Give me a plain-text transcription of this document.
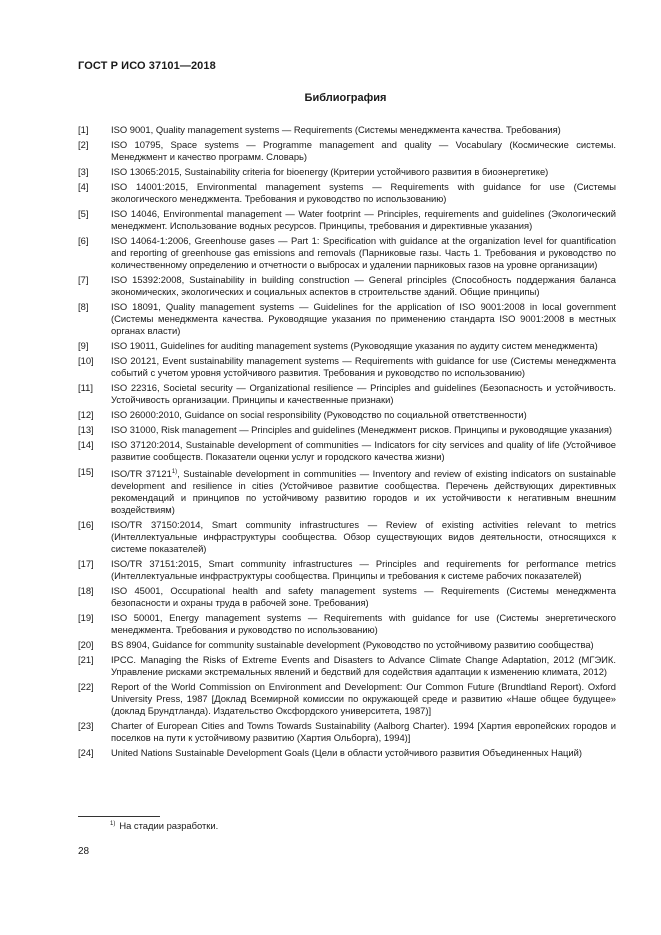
ГОСТ Р ИСО 37101—2018
Библиография
[1]	ISO 9001, Quality management systems — Requirements (Системы менеджмента качества. Требования)
[2]	ISO 10795, Space systems — Programme management and quality — Vocabulary (Космические системы. Менеджмент и качество программ. Словарь)
[3]	ISO 13065:2015, Sustainability criteria for bioenergy (Критерии устойчивого развития в биоэнергетике)
[4]	ISO 14001:2015, Environmental management systems — Requirements with guidance for use (Системы экологического менеджмента. Требования и руководство по использованию)
[5]	ISO 14046, Environmental management — Water footprint — Principles, requirements and guidelines (Экологический менеджмент. Использование водных ресурсов. Принципы, требования и директивные указания)
[6]	ISO 14064-1:2006, Greenhouse gases — Part 1: Specification with guidance at the organization level for quantification and reporting of greenhouse gas emissions and removals (Парниковые газы. Часть 1. Требования и руководство по количественному определению и отчетности о выбросах и удалении парниковых газов на уровне организации)
[7]	ISO 15392:2008, Sustainability in building construction — General principles (Способность поддержания баланса экономических, экологических и социальных аспектов в строительстве зданий. Общие принципы)
[8]	ISO 18091, Quality management systems — Guidelines for the application of ISO 9001:2008 in local government (Системы менеджмента качества. Руководящие указания по применению стандарта ISO 9001:2008 в местных органах власти)
[9]	ISO 19011, Guidelines for auditing management systems (Руководящие указания по аудиту систем менеджмента)
[10]	ISO 20121, Event sustainability management systems — Requirements with guidance for use (Системы менеджмента событий с учетом уровня устойчивого развития. Требования и руководство по использованию)
[11]	ISO 22316, Societal security — Organizational resilience — Principles and guidelines (Безопасность и устойчивость. Устойчивость организации. Принципы и качественные признаки)
[12]	ISO 26000:2010, Guidance on social responsibility (Руководство по социальной ответственности)
[13]	ISO 31000, Risk management — Principles and guidelines (Менеджмент рисков. Принципы и руководящие указания)
[14]	ISO 37120:2014, Sustainable development of communities — Indicators for city services and quality of life (Устойчивое развитие сообществ. Показатели оценки услуг и городского качества жизни)
[15]	ISO/TR 37121$^{1)}$, Sustainable development in communities — Inventory and review of existing indicators on sustainable development and resilience in cities (Устойчивое развитие сообщества. Перечень действующих директивных рекомендаций и принципов по устойчивому развитию городов и их устойчивости к негативным внешним воздействиям)
[16]	ISO/TR 37150:2014, Smart community infrastructures — Review of existing activities relevant to metrics (Интеллектуальные инфраструктуры сообщества. Обзор существующих видов деятельности, относящихся к системе показателей)
[17]	ISO/TR 37151:2015, Smart community infrastructures — Principles and requirements for performance metrics (Интеллектуальные инфраструктуры сообщества. Принципы и требования к системе рабочих показателей)
[18]	ISO 45001, Occupational health and safety management systems — Requirements (Системы менеджмента безопасности и охраны труда в рабочей зоне. Требования)
[19]	ISO 50001, Energy management systems — Requirements with guidance for use (Системы энергетического менеджмента. Требования и руководство по использованию)
[20]	BS 8904, Guidance for community sustainable development (Руководство по устойчивому развитию сообщества)
[21]	IPCC. Managing the Risks of Extreme Events and Disasters to Advance Climate Change Adaptation, 2012 (МГЭИК. Управление рисками экстремальных явлений и бедствий для содействия адаптации к изменению климата, 2012)
[22]	Report of the World Commission on Environment and Development: Our Common Future (Brundtland Report). Oxford University Press, 1987 [Доклад Всемирной комиссии по окружающей среде и развитию «Наше общее будущее» (доклад Брундтланда). Издательство Оксфордского университета, 1987)]
[23]	Charter of European Cities and Towns Towards Sustainability (Aalborg Charter). 1994 [Хартия европейских городов и поселков на пути к устойчивому развитию (Хартия Ольборга), 1994)]
[24]	United Nations Sustainable Development Goals (Цели в области устойчивого развития Объединенных Наций)
$^{1)}$ На стадии разработки.
28
